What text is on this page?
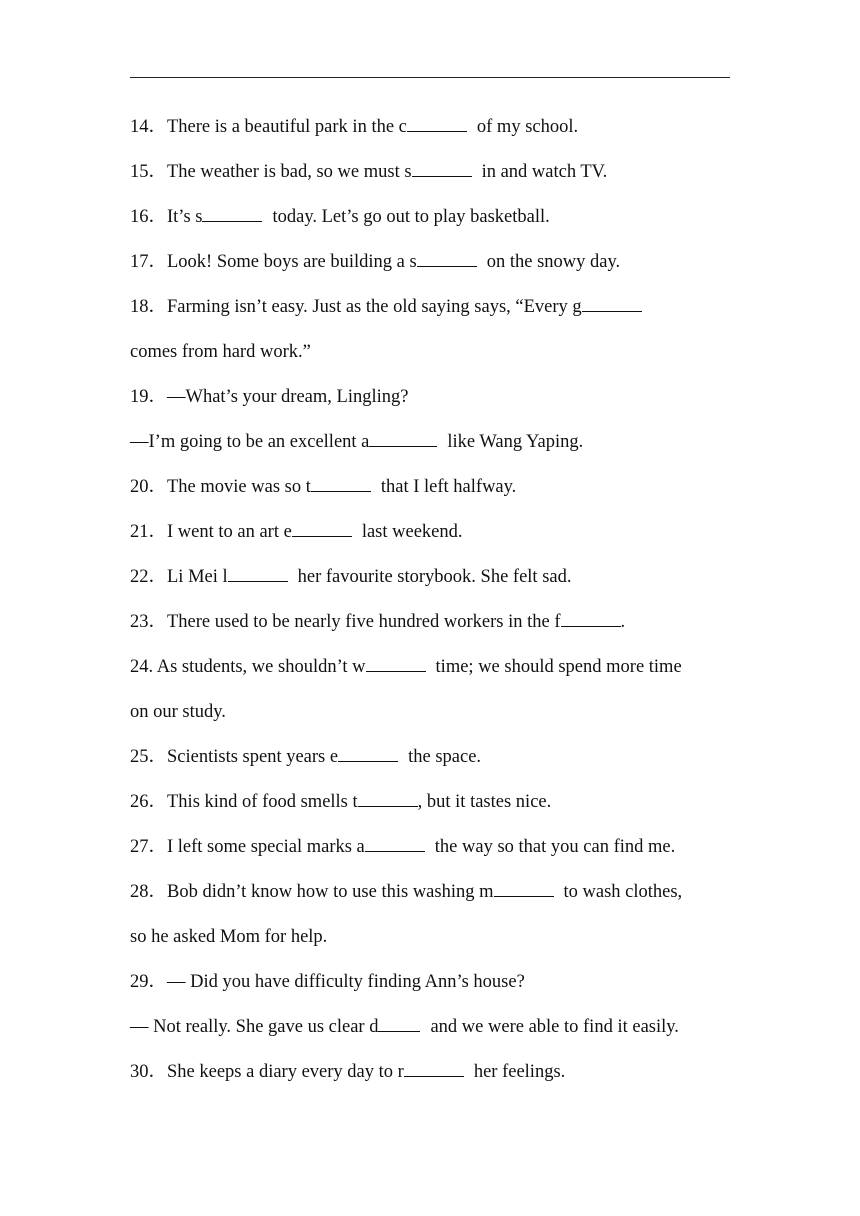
14．There is a beautiful park in the c	of my school.
15．The weather is bad, so we must s	in and watch TV.
16．It’s s	today. Let’s go out to play basketball.
17．Look! Some boys are building a s	on the snowy day.
18．Farming isn’t easy. Just as the old saying says, “Every g
comes from hard work.”
19．—What’s your dream, Lingling?
—I’m going to be an excellent a	like Wang Yaping.
20．The movie was so t	that I left halfway.
21．I went to an art e	last weekend.
22．Li Mei l	her favourite storybook. She felt sad.
23．There used to be nearly five hundred workers in the f	.
24. As students, we shouldn’t w	time; we should spend more time
on our study.
25．Scientists spent years e	the space.
26．This kind of food smells t	, but it tastes nice.
27．I left some special marks a	the way so that you can find me.
28．Bob didn’t know how to use this washing m	to wash clothes,
so he asked Mom for help.
29．— Did you have difficulty finding Ann’s house?
— Not really. She gave us clear d	and we were able to find it easily.
30．She keeps a diary every day to r	her feelings.
